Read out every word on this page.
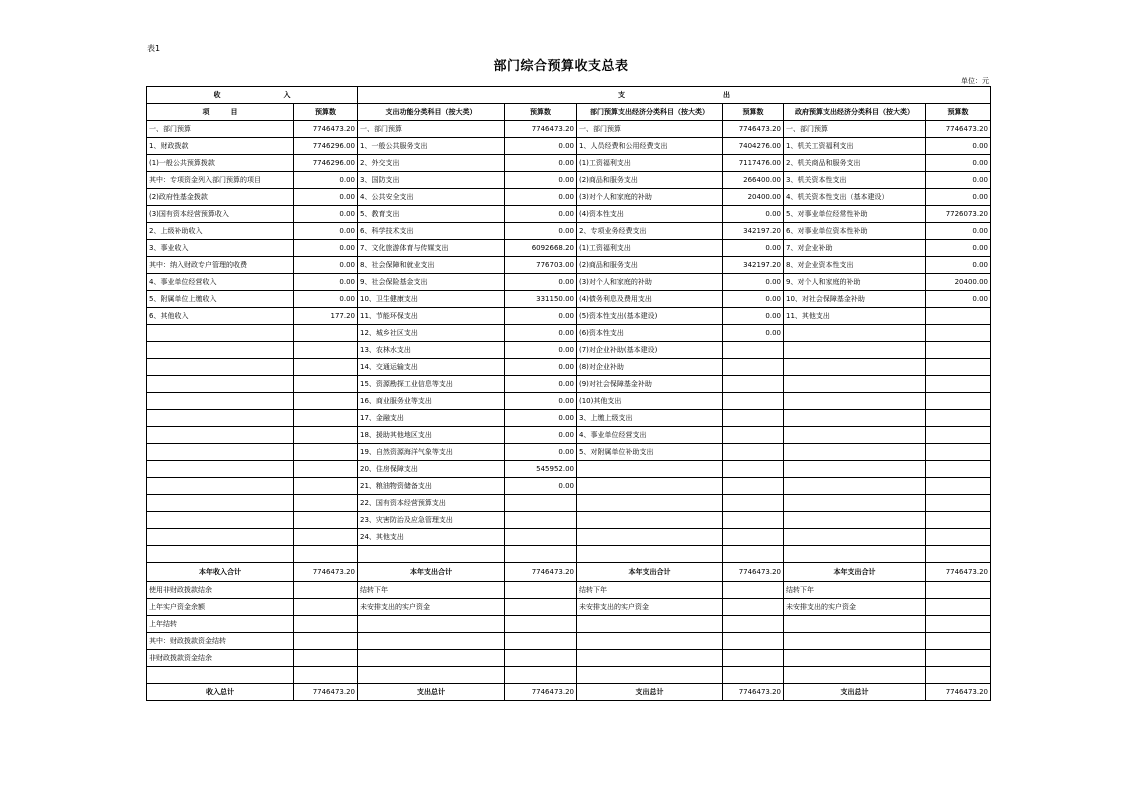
表1
部门综合预算收支总表
单位：元
收　　　　　　　　　入		支　　　　　　　　　　　　　　出					
项　　　目	预算数	支出功能分类科目（按大类）	预算数	部门预算支出经济分类科目（按大类）	预算数	政府预算支出经济分类科目（按大类）	预算数
一、部门预算	7746473.20	一、部门预算	7746473.20	一、部门预算	7746473.20	一、部门预算	7746473.20
1、财政拨款	7746296.00	1、一般公共服务支出	0.00	1、人员经费和公用经费支出	7404276.00	1、机关工资福利支出	0.00
(1)一般公共预算拨款	7746296.00	2、外交支出	0.00	(1)工资福利支出	7117476.00	2、机关商品和服务支出	0.00
其中：专项资金列入部门预算的项目	0.00	3、国防支出	0.00	(2)商品和服务支出	266400.00	3、机关资本性支出	0.00
(2)政府性基金拨款	0.00	4、公共安全支出	0.00	(3)对个人和家庭的补助	20400.00	4、机关资本性支出（基本建设）	0.00
(3)国有资本经营预算收入	0.00	5、教育支出	0.00	(4)资本性支出	0.00	5、对事业单位经常性补助	7726073.20
2、上级补助收入	0.00	6、科学技术支出	0.00	2、专项业务经费支出	342197.20	6、对事业单位资本性补助	0.00
3、事业收入	0.00	7、文化旅游体育与传媒支出	6092668.20	(1)工资福利支出	0.00	7、对企业补助	0.00
其中：纳入财政专户管理的收费	0.00	8、社会保障和就业支出	776703.00	(2)商品和服务支出	342197.20	8、对企业资本性支出	0.00
4、事业单位经营收入	0.00	9、社会保险基金支出	0.00	(3)对个人和家庭的补助	0.00	9、对个人和家庭的补助	20400.00
5、附属单位上缴收入	0.00	10、卫生健康支出	331150.00	(4)债务利息及费用支出	0.00	10、对社会保障基金补助	0.00
6、其他收入	177.20	11、节能环保支出	0.00	(5)资本性支出(基本建设)	0.00	11、其他支出	
		12、城乡社区支出	0.00	(6)资本性支出	0.00		
		13、农林水支出	0.00	(7)对企业补助(基本建设)			
		14、交通运输支出	0.00	(8)对企业补助			
		15、资源勘探工业信息等支出	0.00	(9)对社会保障基金补助			
		16、商业服务业等支出	0.00	(10)其他支出			
		17、金融支出	0.00	3、上缴上级支出			
		18、援助其他地区支出	0.00	4、事业单位经营支出			
		19、自然资源海洋气象等支出	0.00	5、对附属单位补助支出			
		20、住房保障支出	545952.00				
		21、粮油物资储备支出	0.00				
		22、国有资本经营预算支出					
		23、灾害防治及应急管理支出					
		24、其他支出					

本年收入合计	7746473.20	本年支出合计	7746473.20	本年支出合计	7746473.20	本年支出合计	7746473.20
使用非财政拨款结余		结转下年		结转下年		结转下年	
上年实户资金余额		未安排支出的实户资金		未安排支出的实户资金		未安排支出的实户资金	
上年结转							
其中：财政拨款资金结转							
非财政拨款资金结余							

收入总计	7746473.20	支出总计	7746473.20	支出总计	7746473.20	支出总计	7746473.20
